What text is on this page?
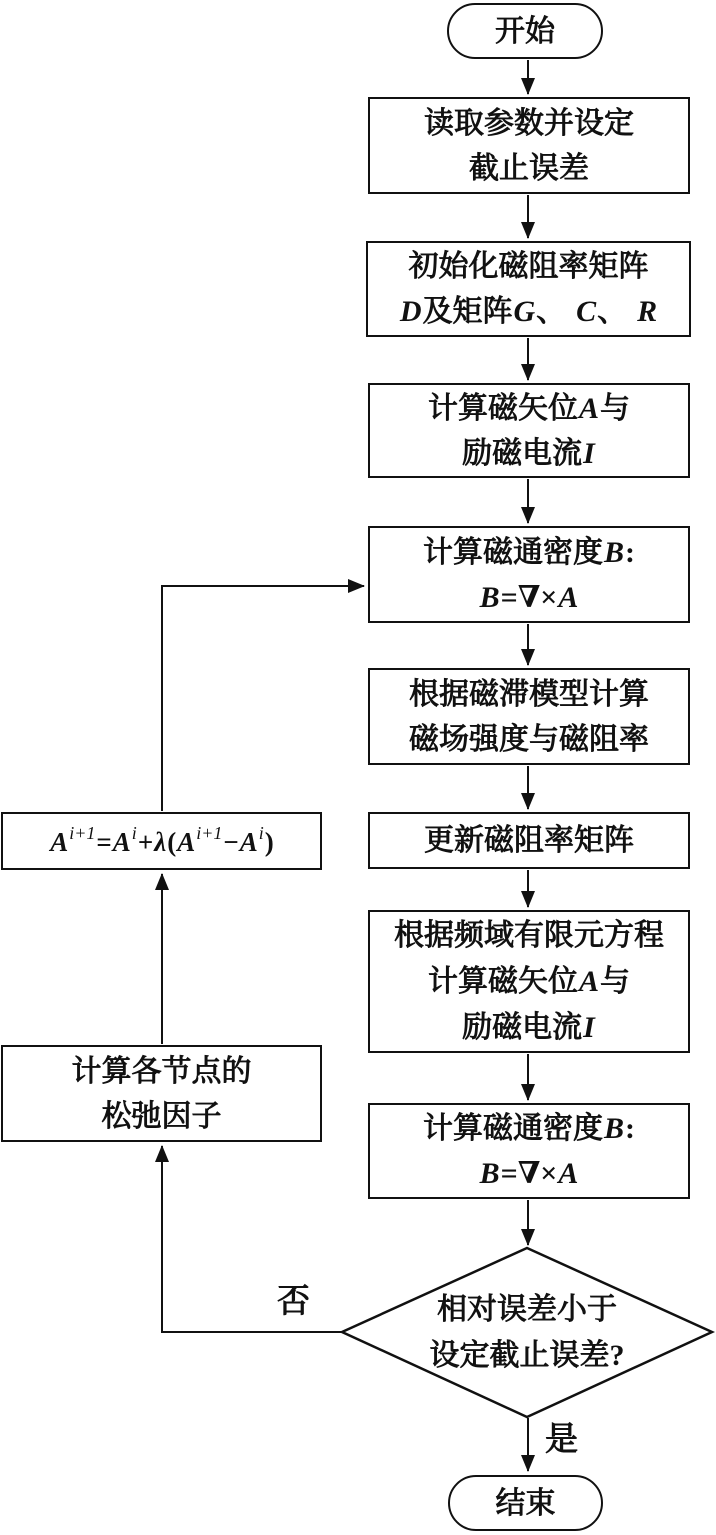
开始
读取参数并设定
截止误差
初始化磁阻率矩阵
D及矩阵G、 C、 R
计算磁矢位A与
励磁电流I
计算磁通密度B:
B=∇×A
根据磁滞模型计算
磁场强度与磁阻率
更新磁阻率矩阵
根据频域有限元方程
计算磁矢位A与
励磁电流I
计算磁通密度B:
B=∇×A
相对误差小于
设定截止误差?
结束
$A^{i+1}=A^i+\lambda(A^{i+1}-A^i)$
计算各节点的
松弛因子
是
否
